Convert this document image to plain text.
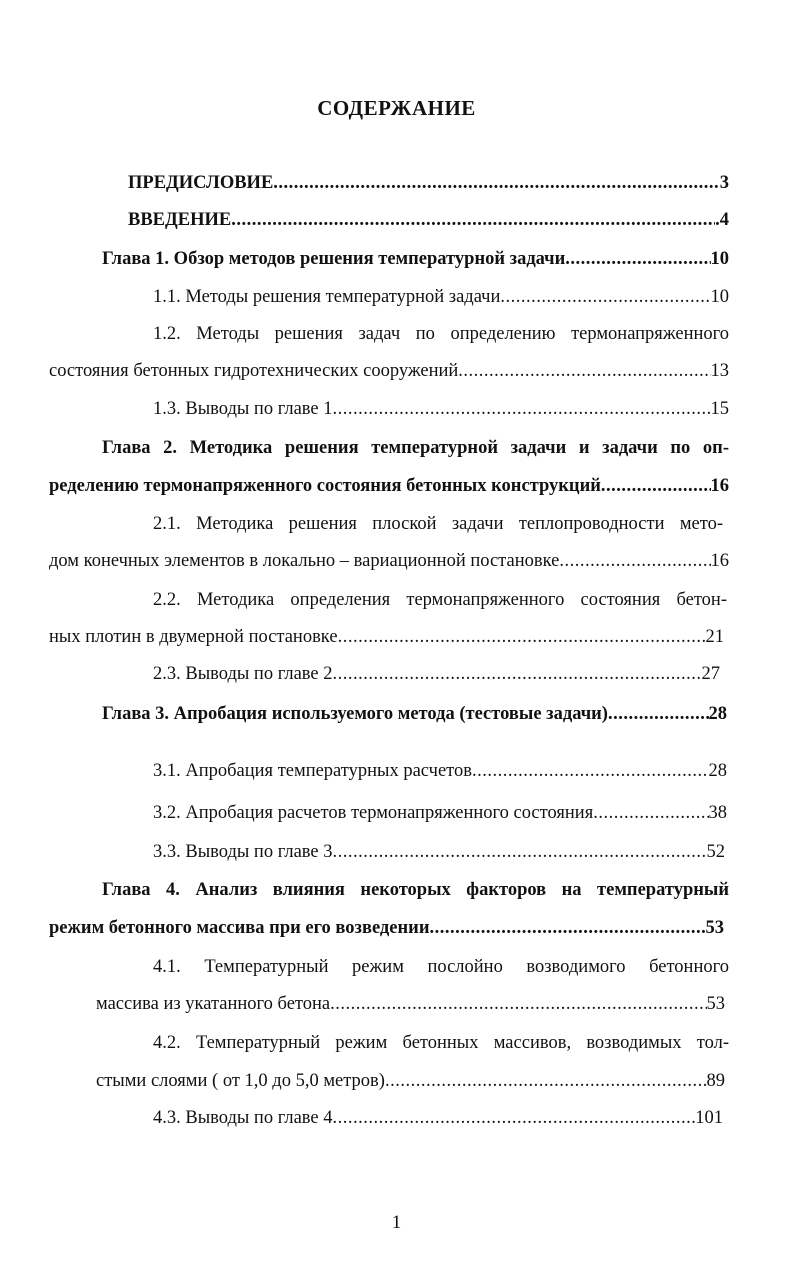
СОДЕРЖАНИЕ
ПРЕДИСЛОВИЕ .....	3
ВВЕДЕНИЕ .....	.4
Глава 1. Обзор методов решения температурной задачи .....	10
1.1. Методы решения температурной задачи .....	10
1.2. Методы решения задач по определению термонапряженного
состояния бетонных гидротехнических сооружений .....	13
1.3. Выводы по главе 1 .....	15
Глава 2. Методика решения температурной задачи и задачи по оп-
ределению термонапряженного состояния бетонных конструкций .....	16
2.1. Методика решения плоской задачи теплопроводности мето-
дом конечных элементов в локально – вариационной постановке .....	16
2.2. Методика определения термонапряженного состояния бетон-
ных плотин в двумерной постановке .....	21
2.3. Выводы по главе 2 .....	27
Глава 3. Апробация используемого метода (тестовые задачи) .....	28
3.1. Апробация температурных расчетов .....	28
3.2. Апробация расчетов термонапряженного состояния .....	38
3.3. Выводы по главе 3 .....	52
Глава 4. Анализ влияния некоторых факторов на температурный
режим бетонного массива при его возведении .....	53
4.1. Температурный режим послойно возводимого бетонного
массива из укатанного бетона .....	53
4.2. Температурный режим бетонных массивов, возводимых тол-
стыми слоями ( от 1,0 до 5,0 метров) .....	89
4.3. Выводы по главе 4 .....	101
1
